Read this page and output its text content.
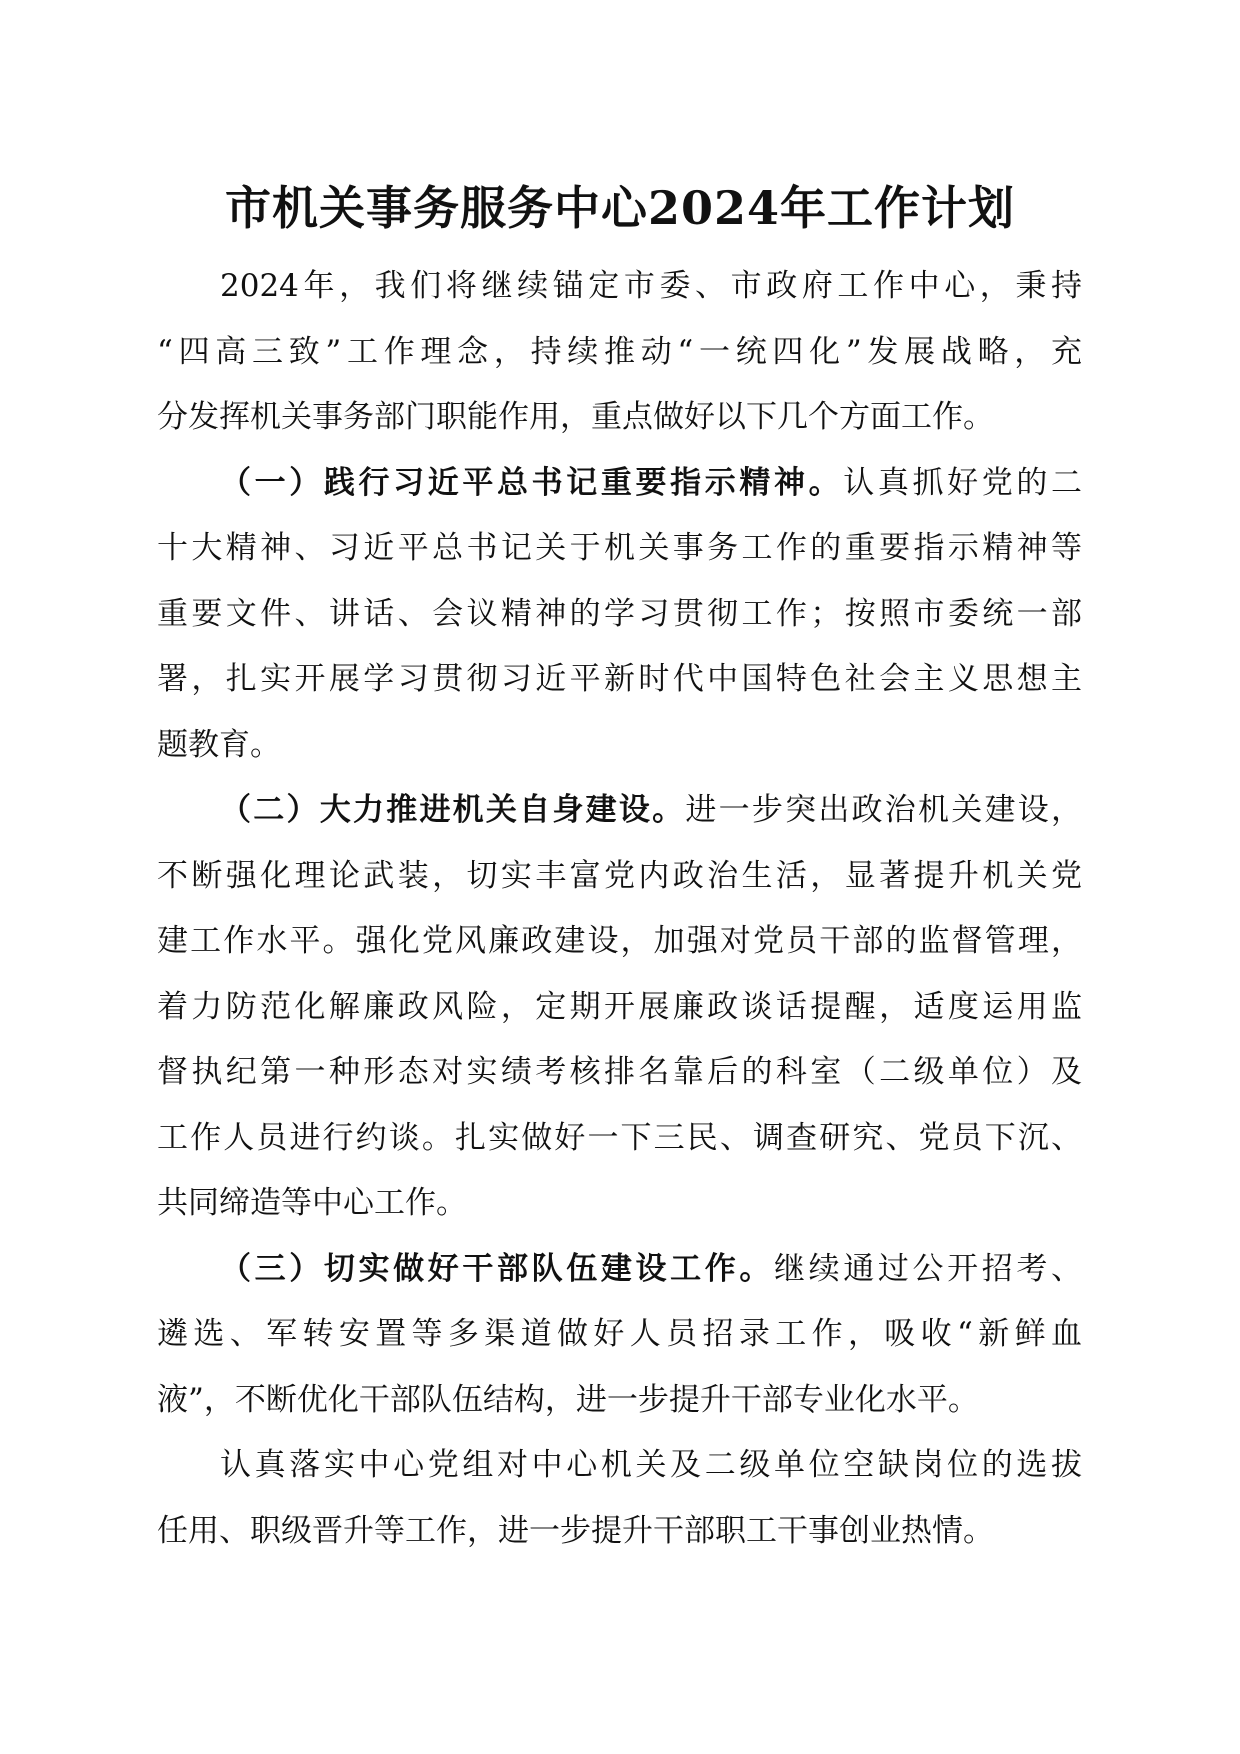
市机关事务服务中心2024年工作计划
2024年，我们将继续锚定市委、市政府工作中心，秉持
“四高三致”工作理念，持续推动“一统四化”发展战略，充
分发挥机关事务部门职能作用，重点做好以下几个方面工作。
（一）践行习近平总书记重要指示精神。认真抓好党的二
十大精神、习近平总书记关于机关事务工作的重要指示精神等
重要文件、讲话、会议精神的学习贯彻工作；按照市委统一部
署，扎实开展学习贯彻习近平新时代中国特色社会主义思想主
题教育。
（二）大力推进机关自身建设。进一步突出政治机关建设，
不断强化理论武装，切实丰富党内政治生活，显著提升机关党
建工作水平。强化党风廉政建设，加强对党员干部的监督管理，
着力防范化解廉政风险，定期开展廉政谈话提醒，适度运用监
督执纪第一种形态对实绩考核排名靠后的科室（二级单位）及
工作人员进行约谈。扎实做好一下三民、调查研究、党员下沉、
共同缔造等中心工作。
（三）切实做好干部队伍建设工作。继续通过公开招考、
遴选、军转安置等多渠道做好人员招录工作，吸收“新鲜血
液”，不断优化干部队伍结构，进一步提升干部专业化水平。
认真落实中心党组对中心机关及二级单位空缺岗位的选拔
任用、职级晋升等工作，进一步提升干部职工干事创业热情。
